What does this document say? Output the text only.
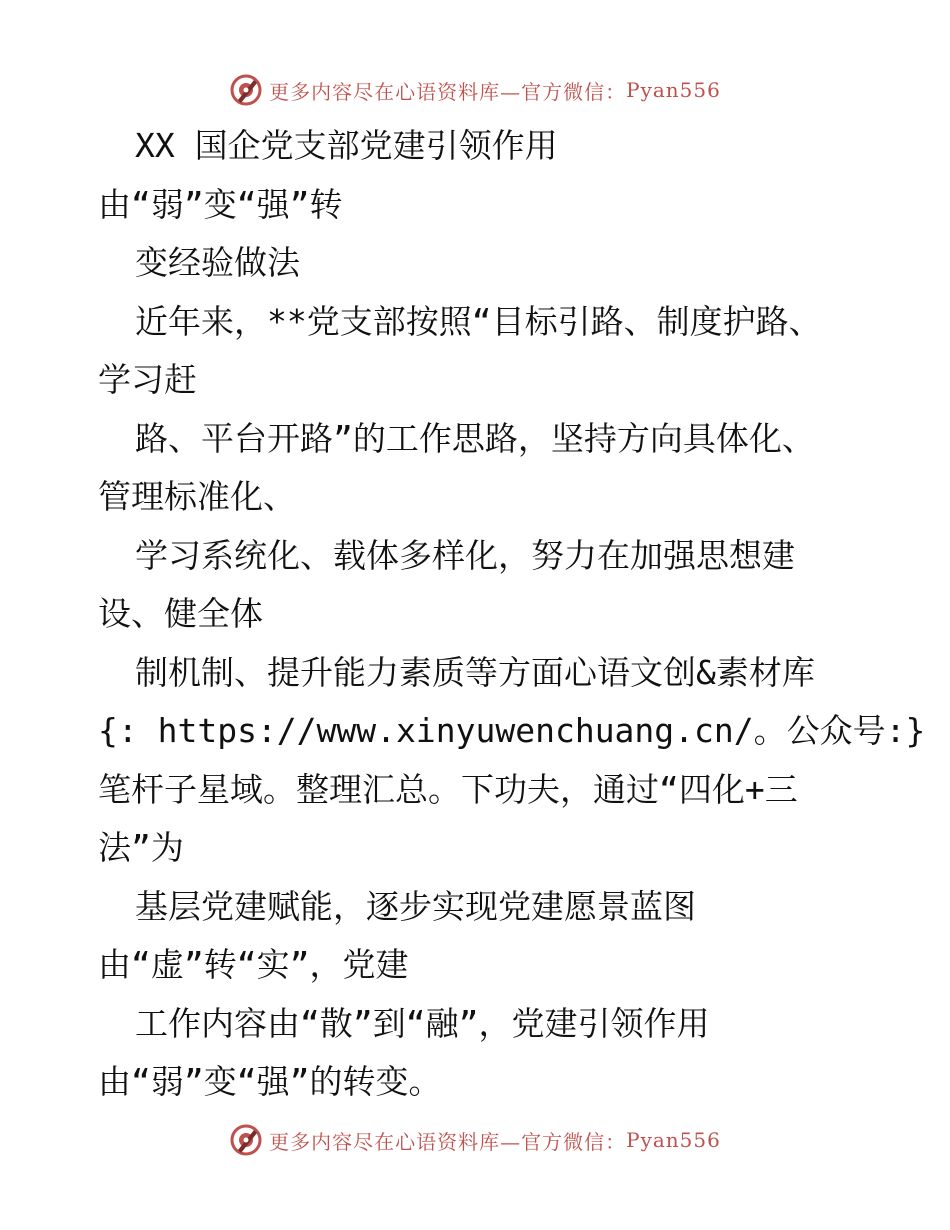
更多内容尽在心语资料库—官方微信： Pyan556
XX 国企党支部党建引领作用
由“弱”变“强”转
变经验做法
近年来，**党支部按照“目标引路、制度护路、
学习赶
路、平台开路”的工作思路，坚持方向具体化、
管理标准化、
学习系统化、载体多样化，努力在加强思想建
设、健全体
制机制、提升能力素质等方面心语文创&素材库
{: https://www.xinyuwenchuang.cn/。公众号:}
笔杆子星域。整理汇总。下功夫，通过“四化+三
法”为
基层党建赋能，逐步实现党建愿景蓝图
由“虚”转“实”，党建
工作内容由“散”到“融”，党建引领作用
由“弱”变“强”的转变。
更多内容尽在心语资料库—官方微信： Pyan556
